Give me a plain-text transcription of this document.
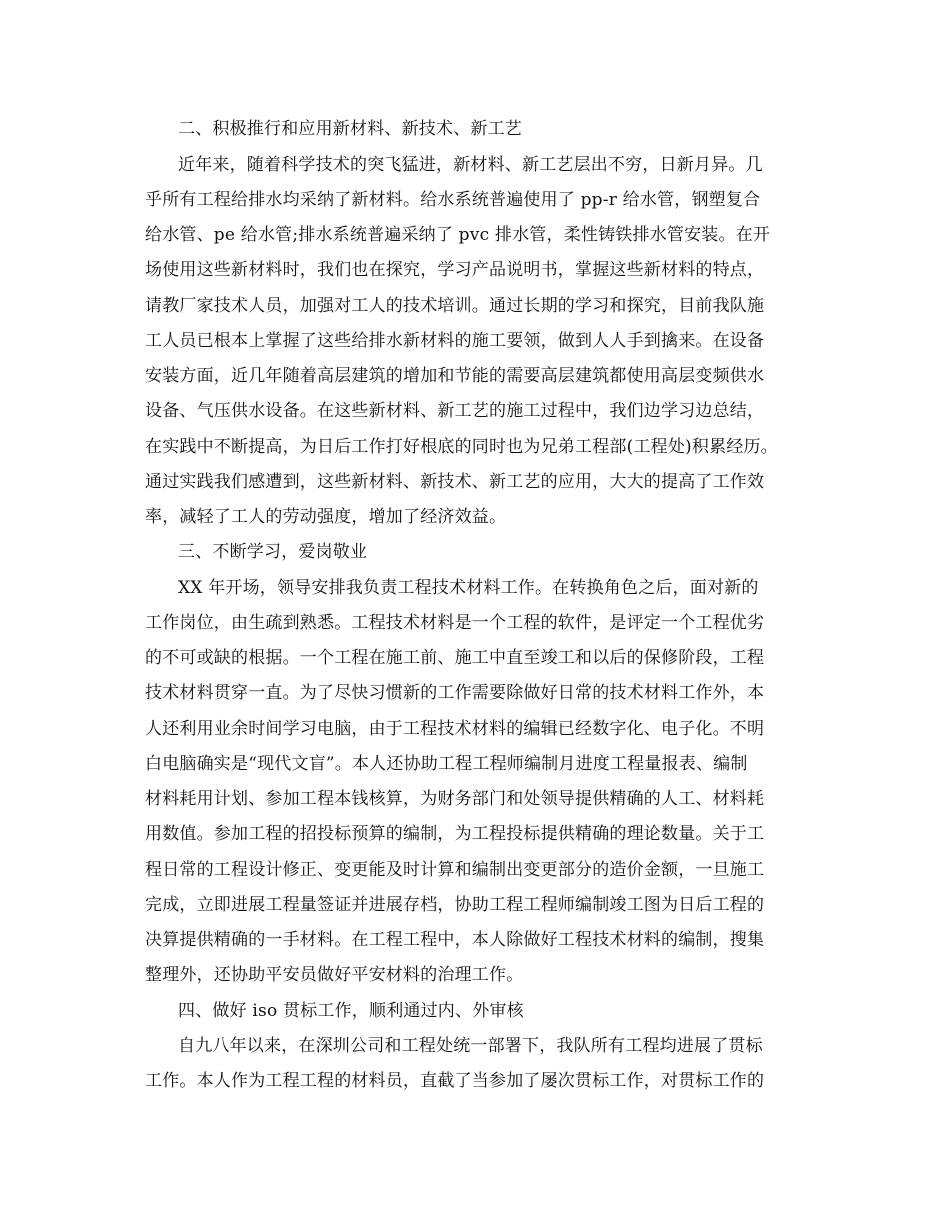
二、积极推行和应用新材料、新技术、新工艺
近年来，随着科学技术的突飞猛进，新材料、新工艺层出不穷，日新月异。几
乎所有工程给排水均采纳了新材料。给水系统普遍使用了 pp-r 给水管，钢塑复合
给水管、pe 给水管;排水系统普遍采纳了 pvc 排水管，柔性铸铁排水管安装。在开
场使用这些新材料时，我们也在探究，学习产品说明书，掌握这些新材料的特点，
请教厂家技术人员，加强对工人的技术培训。通过长期的学习和探究，目前我队施
工人员已根本上掌握了这些给排水新材料的施工要领，做到人人手到擒来。在设备
安装方面，近几年随着高层建筑的增加和节能的需要高层建筑都使用高层变频供水
设备、气压供水设备。在这些新材料、新工艺的施工过程中，我们边学习边总结，
在实践中不断提高，为日后工作打好根底的同时也为兄弟工程部(工程处)积累经历。
通过实践我们感遭到，这些新材料、新技术、新工艺的应用，大大的提高了工作效
率，减轻了工人的劳动强度，增加了经济效益。
三、不断学习，爱岗敬业
XX 年开场，领导安排我负责工程技术材料工作。在转换角色之后，面对新的
工作岗位，由生疏到熟悉。工程技术材料是一个工程的软件，是评定一个工程优劣
的不可或缺的根据。一个工程在施工前、施工中直至竣工和以后的保修阶段，工程
技术材料贯穿一直。为了尽快习惯新的工作需要除做好日常的技术材料工作外，本
人还利用业余时间学习电脑，由于工程技术材料的编辑已经数字化、电子化。不明
白电脑确实是“现代文盲”。本人还协助工程工程师编制月进度工程量报表、编制
材料耗用计划、参加工程本钱核算，为财务部门和处领导提供精确的人工、材料耗
用数值。参加工程的招投标预算的编制，为工程投标提供精确的理论数量。关于工
程日常的工程设计修正、变更能及时计算和编制出变更部分的造价金额，一旦施工
完成，立即进展工程量签证并进展存档，协助工程工程师编制竣工图为日后工程的
决算提供精确的一手材料。在工程工程中，本人除做好工程技术材料的编制，搜集
整理外，还协助平安员做好平安材料的治理工作。
四、做好 iso 贯标工作，顺利通过内、外审核
自九八年以来，在深圳公司和工程处统一部署下，我队所有工程均进展了贯标
工作。本人作为工程工程的材料员，直截了当参加了屡次贯标工作，对贯标工作的
